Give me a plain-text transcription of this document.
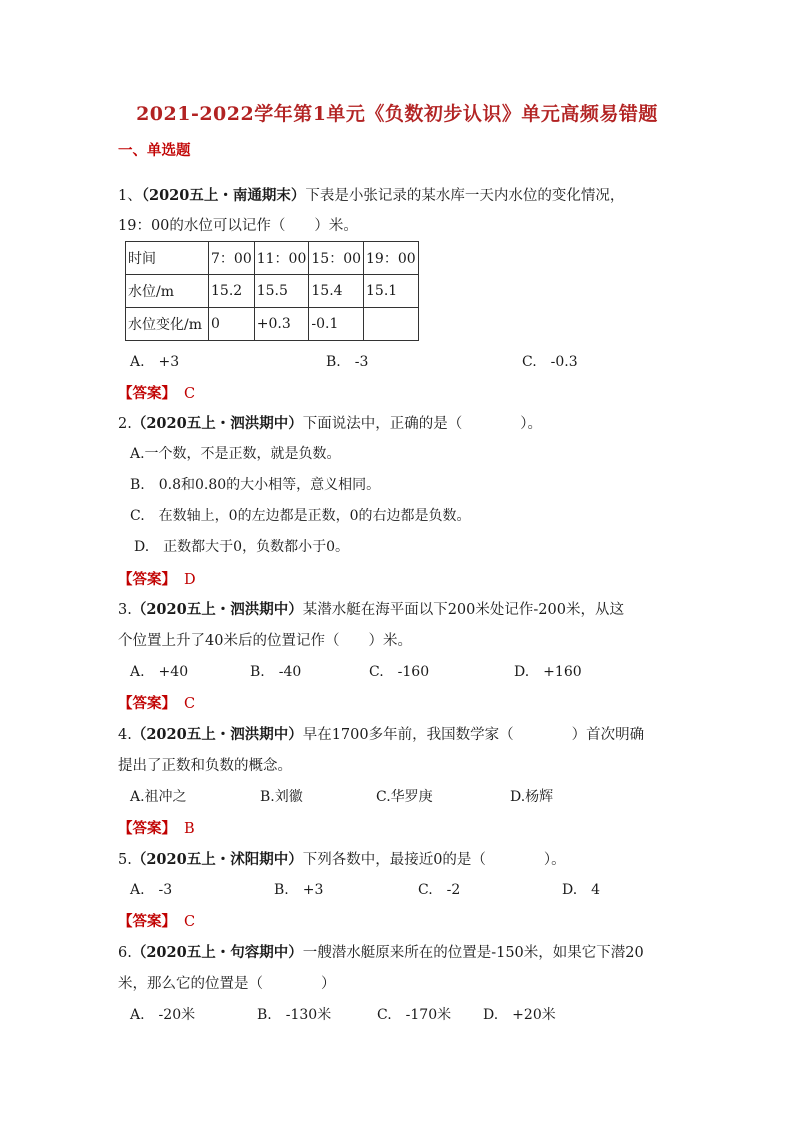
2021-2022学年第1单元《负数初步认识》单元高频易错题
一、单选题
1、（2020五上・南通期末）下表是小张记录的某水库一天内水位的变化情况，
19：00的水位可以记作（　　）米。
时间	7：00	11：00	15：00	19：00
水位/m	15.2	15.5	15.4	15.1
水位变化/m	0	+0.3	-0.1	
A.　+3	B.　-3	C.　-0.3
【答案】 C
2.（2020五上・泗洪期中）下面说法中，正确的是（　　　　）。
A.一个数，不是正数，就是负数。
B.　0.8和0.80的大小相等，意义相同。
C.　在数轴上，0的左边都是正数，0的右边都是负数。
D.　正数都大于0，负数都小于0。
【答案】 D
3.（2020五上・泗洪期中）某潜水艇在海平面以下200米处记作-200米，从这
个位置上升了40米后的位置记作（　　）米。
A.　+40	B.　-40	C.　-160	D.　+160
【答案】 C
4.（2020五上・泗洪期中）早在1700多年前，我国数学家（　　　　）首次明确
提出了正数和负数的概念。
A.祖冲之	B.刘徽	C.华罗庚	D.杨辉
【答案】 B
5.（2020五上・沭阳期中）下列各数中，最接近0的是（　　　　）。
A.　-3	B.　+3	C.　-2	D.　4
【答案】 C
6.（2020五上・句容期中）一艘潜水艇原来所在的位置是-150米，如果它下潜20
米，那么它的位置是（　　　　）
A.　-20米	B.　-130米	C.　-170米 D.　+20米
